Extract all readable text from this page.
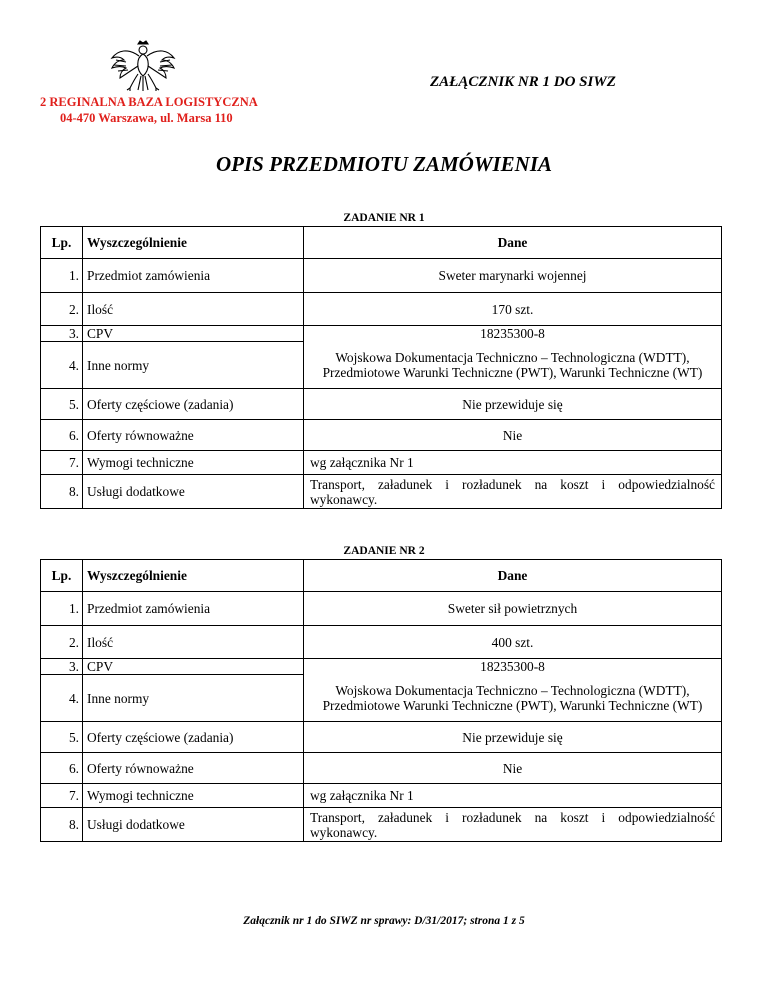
ZAŁĄCZNIK NR 1 DO SIWZ
2 REGINALNA BAZA LOGISTYCZNA
04-470 Warszawa, ul. Marsa 110
OPIS PRZEDMIOTU ZAMÓWIENIA
ZADANIE NR 1
Lp.	Wyszczególnienie	Dane
1.	Przedmiot zamówienia	Sweter marynarki wojennej
2.	Ilość	170 szt.
3.	CPV	18235300-8
4.	Inne normy	Wojskowa Dokumentacja Techniczno – Technologiczna (WDTT), Przedmiotowe Warunki Techniczne (PWT), Warunki Techniczne (WT)
5.	Oferty częściowe (zadania)	Nie przewiduje się
6.	Oferty równoważne	Nie
7.	Wymogi techniczne	wg załącznika Nr 1
8.	Usługi dodatkowe	Transport, załadunek i rozładunek na koszt i odpowiedzialność wykonawcy.
ZADANIE NR 2
Lp.	Wyszczególnienie	Dane
1.	Przedmiot zamówienia	Sweter sił powietrznych
2.	Ilość	400 szt.
3.	CPV	18235300-8
4.	Inne normy	Wojskowa Dokumentacja Techniczno – Technologiczna (WDTT), Przedmiotowe Warunki Techniczne (PWT), Warunki Techniczne (WT)
5.	Oferty częściowe (zadania)	Nie przewiduje się
6.	Oferty równoważne	Nie
7.	Wymogi techniczne	wg załącznika Nr 1
8.	Usługi dodatkowe	Transport, załadunek i rozładunek na koszt i odpowiedzialność wykonawcy.
Załącznik nr 1 do SIWZ nr sprawy: D/31/2017; strona 1 z 5
